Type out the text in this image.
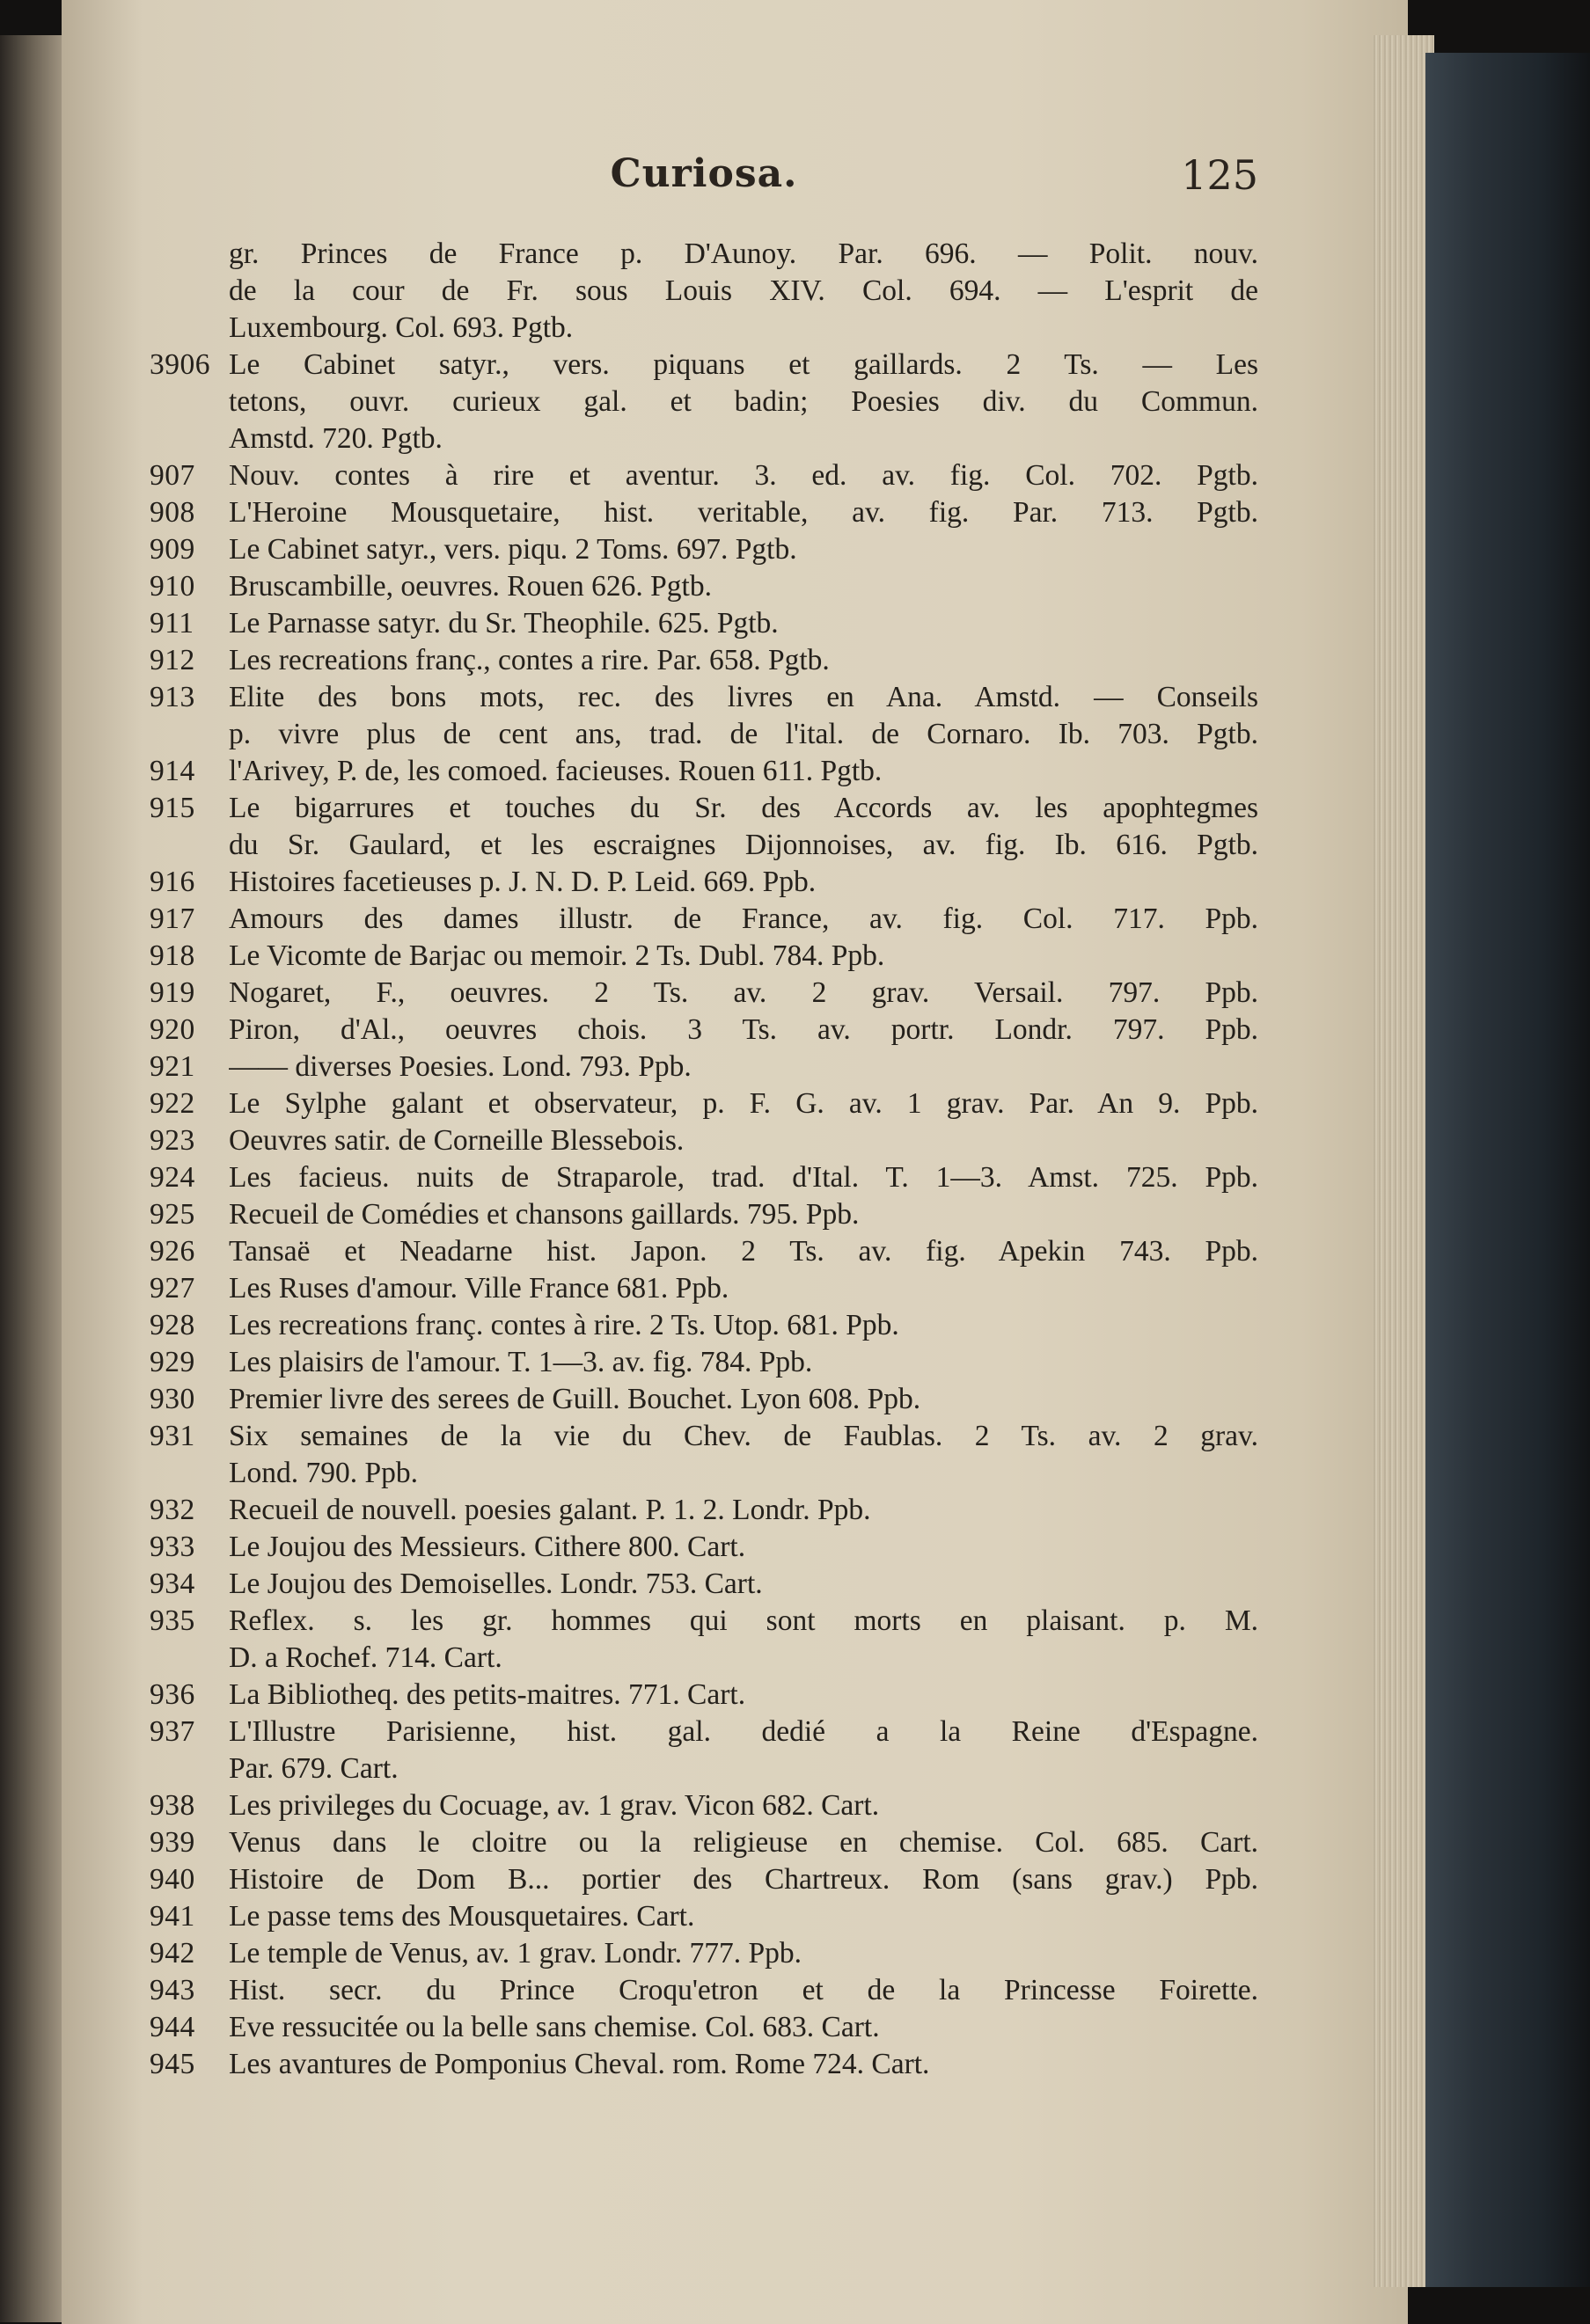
Curiosa.	125
gr. Princes de France p. D'Aunoy. Par. 696. — Polit. nouv.
de la cour de Fr. sous Louis XIV. Col. 694. — L'esprit de
Luxembourg. Col. 693. Pgtb.
3906 Le Cabinet satyr., vers. piquans et gaillards. 2 Ts. — Les
tetons, ouvr. curieux gal. et badin; Poesies div. du Commun.
Amstd. 720. Pgtb.
907	Nouv. contes à rire et aventur. 3. ed. av. fig. Col. 702. Pgtb.
908	L'Heroine Mousquetaire, hist. veritable, av. fig. Par. 713. Pgtb.
909	Le Cabinet satyr., vers. piqu. 2 Toms. 697. Pgtb.
910	Bruscambille, oeuvres. Rouen 626. Pgtb.
911	Le Parnasse satyr. du Sr. Theophile. 625. Pgtb.
912	Les recreations franç., contes a rire. Par. 658. Pgtb.
913	Elite des bons mots, rec. des livres en Ana. Amstd. — Conseils
p. vivre plus de cent ans, trad. de l'ital. de Cornaro. Ib. 703. Pgtb.
914	l'Arivey, P. de, les comoed. facieuses. Rouen 611. Pgtb.
915	Le bigarrures et touches du Sr. des Accords av. les apophtegmes
du Sr. Gaulard, et les escraignes Dijonnoises, av. fig. Ib. 616. Pgtb.
916	Histoires facetieuses p. J. N. D. P. Leid. 669. Ppb.
917	Amours des dames illustr. de France, av. fig. Col. 717. Ppb.
918	Le Vicomte de Barjac ou memoir. 2 Ts. Dubl. 784. Ppb.
919	Nogaret, F., oeuvres. 2 Ts. av. 2 grav. Versail. 797. Ppb.
920	Piron, d'Al., oeuvres chois. 3 Ts. av. portr. Londr. 797. Ppb.
921	—— diverses Poesies. Lond. 793. Ppb.
922	Le Sylphe galant et observateur, p. F. G. av. 1 grav. Par. An 9. Ppb.
923	Oeuvres satir. de Corneille Blessebois.
924	Les facieus. nuits de Straparole, trad. d'Ital. T. 1—3. Amst. 725. Ppb.
925	Recueil de Comédies et chansons gaillards. 795. Ppb.
926	Tansaë et Neadarne hist. Japon. 2 Ts. av. fig. Apekin 743. Ppb.
927	Les Ruses d'amour. Ville France 681. Ppb.
928	Les recreations franç. contes à rire. 2 Ts. Utop. 681. Ppb.
929	Les plaisirs de l'amour. T. 1—3. av. fig. 784. Ppb.
930	Premier livre des serees de Guill. Bouchet. Lyon 608. Ppb.
931	Six semaines de la vie du Chev. de Faublas. 2 Ts. av. 2 grav.
Lond. 790. Ppb.
932	Recueil de nouvell. poesies galant. P. 1. 2. Londr. Ppb.
933	Le Joujou des Messieurs. Cithere 800. Cart.
934	Le Joujou des Demoiselles. Londr. 753. Cart.
935	Reflex. s. les gr. hommes qui sont morts en plaisant. p. M.
D. a Rochef. 714. Cart.
936	La Bibliotheq. des petits-maitres. 771. Cart.
937	L'Illustre Parisienne, hist. gal. dedié a la Reine d'Espagne.
Par. 679. Cart.
938	Les privileges du Cocuage, av. 1 grav. Vicon 682. Cart.
939	Venus dans le cloitre ou la religieuse en chemise. Col. 685. Cart.
940	Histoire de Dom B... portier des Chartreux. Rom (sans grav.) Ppb.
941	Le passe tems des Mousquetaires. Cart.
942	Le temple de Venus, av. 1 grav. Londr. 777. Ppb.
943	Hist. secr. du Prince Croqu'etron et de la Princesse Foirette.
944	Eve ressucitée ou la belle sans chemise. Col. 683. Cart.
945	Les avantures de Pomponius Cheval. rom. Rome 724. Cart.
